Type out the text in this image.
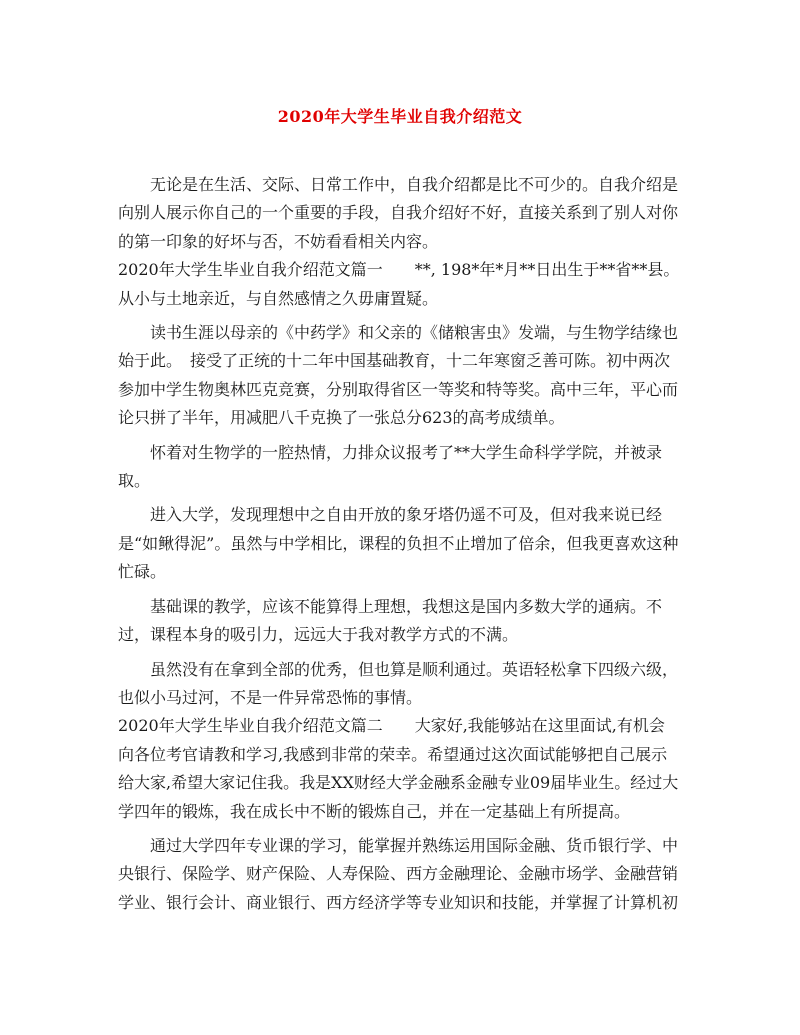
2020年大学生毕业自我介绍范文

无论是在生活、交际、日常工作中，自我介绍都是比不可少的。自我介绍是向别人展示你自己的一个重要的手段，自我介绍好不好，直接关系到了别人对你的第一印象的好坏与否，不妨看看相关内容。

2020年大学生毕业自我介绍范文篇一　　**, 198*年*月**日出生于**省**县。从小与土地亲近，与自然感情之久毋庸置疑。

读书生涯以母亲的《中药学》和父亲的《储粮害虫》发端，与生物学结缘也始于此。　接受了正统的十二年中国基础教育，十二年寒窗乏善可陈。初中两次参加中学生物奥林匹克竞赛，分别取得省区一等奖和特等奖。高中三年，平心而论只拼了半年，用减肥八千克换了一张总分623的高考成绩单。

怀着对生物学的一腔热情，力排众议报考了**大学生命科学学院，并被录取。

进入大学，发现理想中之自由开放的象牙塔仍遥不可及，但对我来说已经是“如鳅得泥”。虽然与中学相比，课程的负担不止增加了倍余，但我更喜欢这种忙碌。

基础课的教学，应该不能算得上理想，我想这是国内多数大学的通病。不过，课程本身的吸引力，远远大于我对教学方式的不满。

虽然没有在拿到全部的优秀，但也算是顺利通过。英语轻松拿下四级六级，也似小马过河，不是一件异常恐怖的事情。

2020年大学生毕业自我介绍范文篇二　　大家好,我能够站在这里面试,有机会向各位考官请教和学习,我感到非常的荣幸。希望通过这次面试能够把自己展示给大家,希望大家记住我。我是XX财经大学金融系金融专业09届毕业生。经过大学四年的锻炼，我在成长中不断的锻炼自己，并在一定基础上有所提高。

通过大学四年专业课的学习，能掌握并熟练运用国际金融、货币银行学、中央银行、保险学、财产保险、人寿保险、西方金融理论、金融市场学、金融营销学业、银行会计、商业银行、西方经济学等专业知识和技能，并掌握了计算机初
